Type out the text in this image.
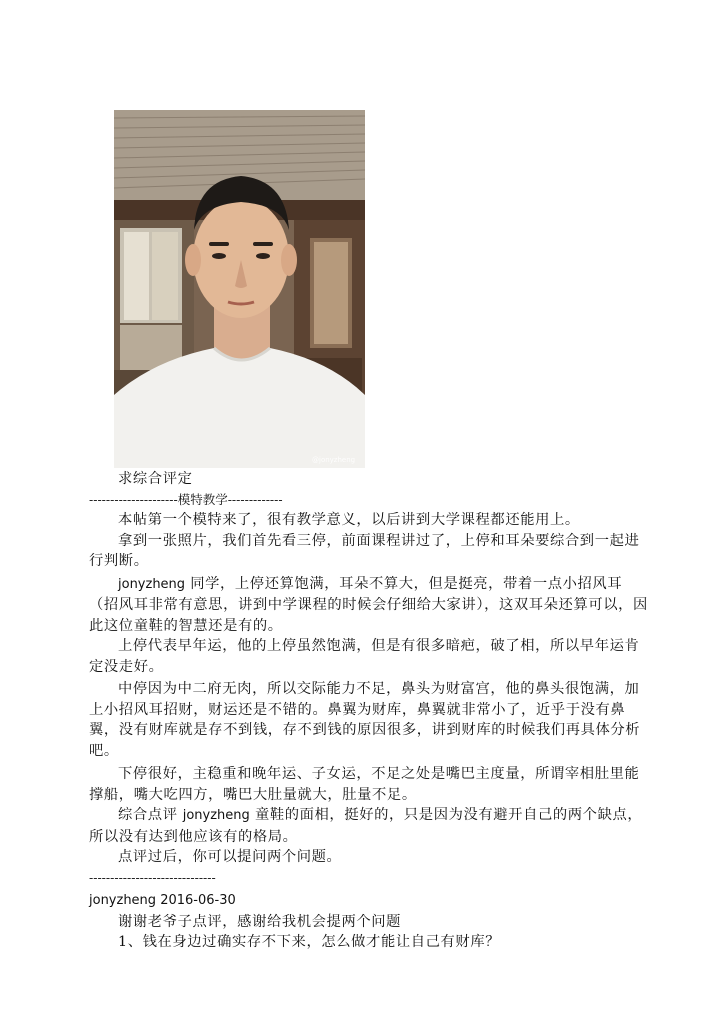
@jonyzheng

求综合评定

---------------------模特教学-------------

本帖第一个模特来了，很有教学意义，以后讲到大学课程都还能用上。

拿到一张照片，我们首先看三停，前面课程讲过了，上停和耳朵要综合到一起进行判断。

jonyzheng 同学，上停还算饱满，耳朵不算大，但是挺亮，带着一点小招风耳（招风耳非常有意思，讲到中学课程的时候会仔细给大家讲），这双耳朵还算可以，因此这位童鞋的智慧还是有的。

上停代表早年运，他的上停虽然饱满，但是有很多暗疤，破了相，所以早年运肯定没走好。

中停因为中二府无肉，所以交际能力不足，鼻头为财富宫，他的鼻头很饱满，加上小招风耳招财，财运还是不错的。鼻翼为财库，鼻翼就非常小了，近乎于没有鼻翼，没有财库就是存不到钱，存不到钱的原因很多，讲到财库的时候我们再具体分析吧。

下停很好，主稳重和晚年运、子女运，不足之处是嘴巴主度量，所谓宰相肚里能撑船，嘴大吃四方，嘴巴大肚量就大，肚量不足。

综合点评 jonyzheng 童鞋的面相，挺好的，只是因为没有避开自己的两个缺点，所以没有达到他应该有的格局。

点评过后，你可以提问两个问题。

------------------------------

jonyzheng 2016-06-30

谢谢老爷子点评，感谢给我机会提两个问题

1、钱在身边过确实存不下来，怎么做才能让自己有财库？
